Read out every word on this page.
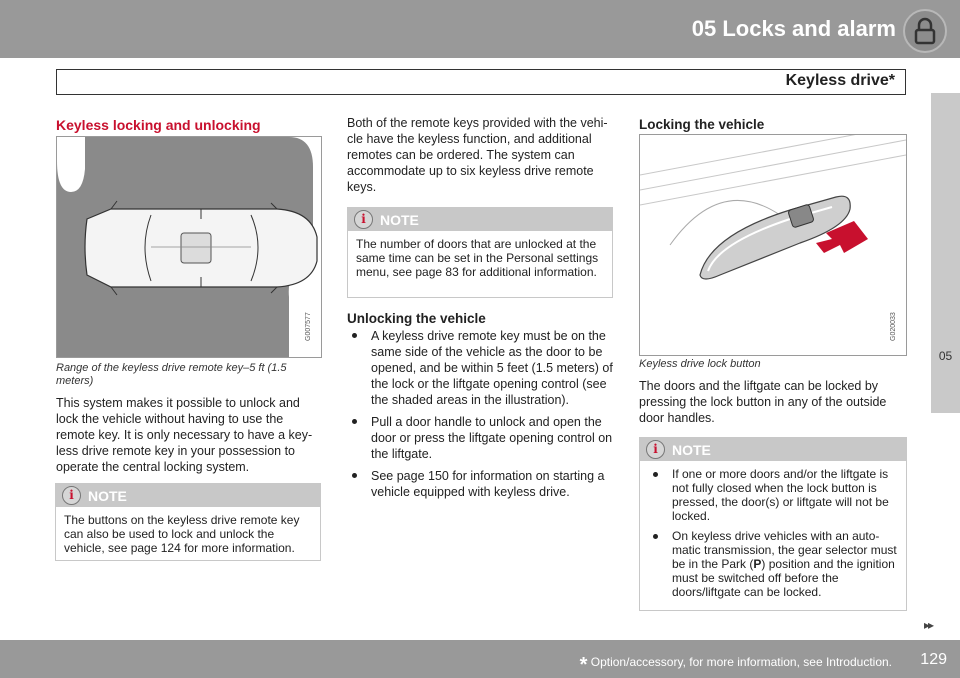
05 Locks and alarm
Keyless drive*
Keyless locking and unlocking
G007577
Range of the keyless drive remote key–5 ft (1.5 meters)
This system makes it possible to unlock and lock the vehicle without having to use the remote key. It is only necessary to have a key-less drive remote key in your possession to operate the central locking system.
i	NOTE
The buttons on the keyless drive remote key can also be used to lock and unlock the vehicle, see page 124 for more information.
Both of the remote keys provided with the vehi-cle have the keyless function, and additional remotes can be ordered. The system can accommodate up to six keyless drive remote keys.
i	NOTE
The number of doors that are unlocked at the same time can be set in the Personal settings menu, see page 83 for additional information.
Unlocking the vehicle
A keyless drive remote key must be on the same side of the vehicle as the door to be opened, and be within 5 feet (1.5 meters) of the lock or the liftgate opening control (see the shaded areas in the illustration).
Pull a door handle to unlock and open the door or press the liftgate opening control on the liftgate.
See page 150 for information on starting a vehicle equipped with keyless drive.
Locking the vehicle
G020033
Keyless drive lock button
The doors and the liftgate can be locked by pressing the lock button in any of the outside door handles.
i	NOTE
If one or more doors and/or the liftgate is not fully closed when the lock button is pressed, the door(s) or liftgate will not be locked.
On keyless drive vehicles with an auto-matic transmission, the gear selector must be in the Park (P) position and the ignition must be switched off before the doors/liftgate can be locked.
05
▸▸
* Option/accessory, for more information, see Introduction. 129
